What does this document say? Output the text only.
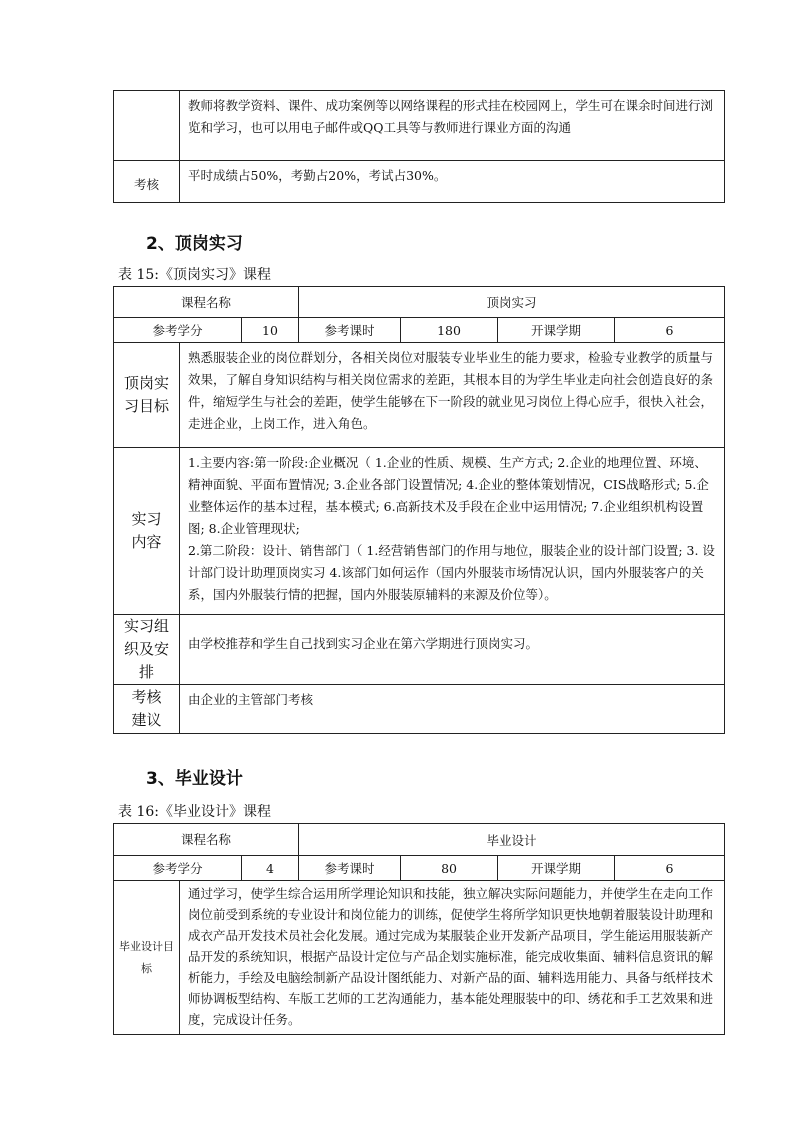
	教师将教学资料、课件、成功案例等以网络课程的形式挂在校园网上，学生可在课余时间进行浏览和学习，也可以用电子邮件或QQ工具等与教师进行课业方面的沟通
考核	平时成绩占50%，考勤占20%，考试占30%。
2、顶岗实习

表 15:《顶岗实习》课程

课程名称			顶岗实习			
参考学分		10	参考课时	180	开课学期	6
顶岗实习目标	熟悉服装企业的岗位群划分，各相关岗位对服装专业毕业生的能力要求，检验专业教学的质量与效果，了解自身知识结构与相关岗位需求的差距，其根本目的为学生毕业走向社会创造良好的条件，缩短学生与社会的差距，使学生能够在下一阶段的就业见习岗位上得心应手，很快入社会，走进企业，上岗工作，进入角色。					
实习内容	1.主要内容:第一阶段:企业概况（ 1.企业的性质、规模、生产方式; 2.企业的地理位置、环境、精神面貌、平面布置情况; 3.企业各部门设置情况; 4.企业的整体策划情况，CIS战略形式; 5.企业整体运作的基本过程，基本模式; 6.高新技术及手段在企业中运用情况; 7.企业组织机构设置图; 8.企业管理现状;
2.第二阶段：设计、销售部门（ 1.经营销售部门的作用与地位，服装企业的设计部门设置; 3. 设计部门设计助理顶岗实习 4.该部门如何运作（国内外服装市场情况认识，国内外服装客户的关系，国内外服装行情的把握，国内外服装原辅料的来源及价位等）。					
实习组织及安排	由学校推荐和学生自己找到实习企业在第六学期进行顶岗实习。					
考核建议	由企业的主管部门考核					
3、毕业设计

表 16:《毕业设计》课程

课程名称			毕业设计			
参考学分		4	参考课时	80	开课学期	6
毕业设计目标	通过学习，使学生综合运用所学理论知识和技能，独立解决实际问题能力，并使学生在走向工作岗位前受到系统的专业设计和岗位能力的训练，促使学生将所学知识更快地朝着服装设计助理和成衣产品开发技术员社会化发展。通过完成为某服装企业开发新产品项目，学生能运用服装新产品开发的系统知识，根据产品设计定位与产品企划实施标准，能完成收集面、辅料信息资讯的解析能力，手绘及电脑绘制新产品设计图纸能力、对新产品的面、辅料选用能力、具备与纸样技术师协调板型结构、车版工艺师的工艺沟通能力，基本能处理服装中的印、绣花和手工艺效果和进度，完成设计任务。					
